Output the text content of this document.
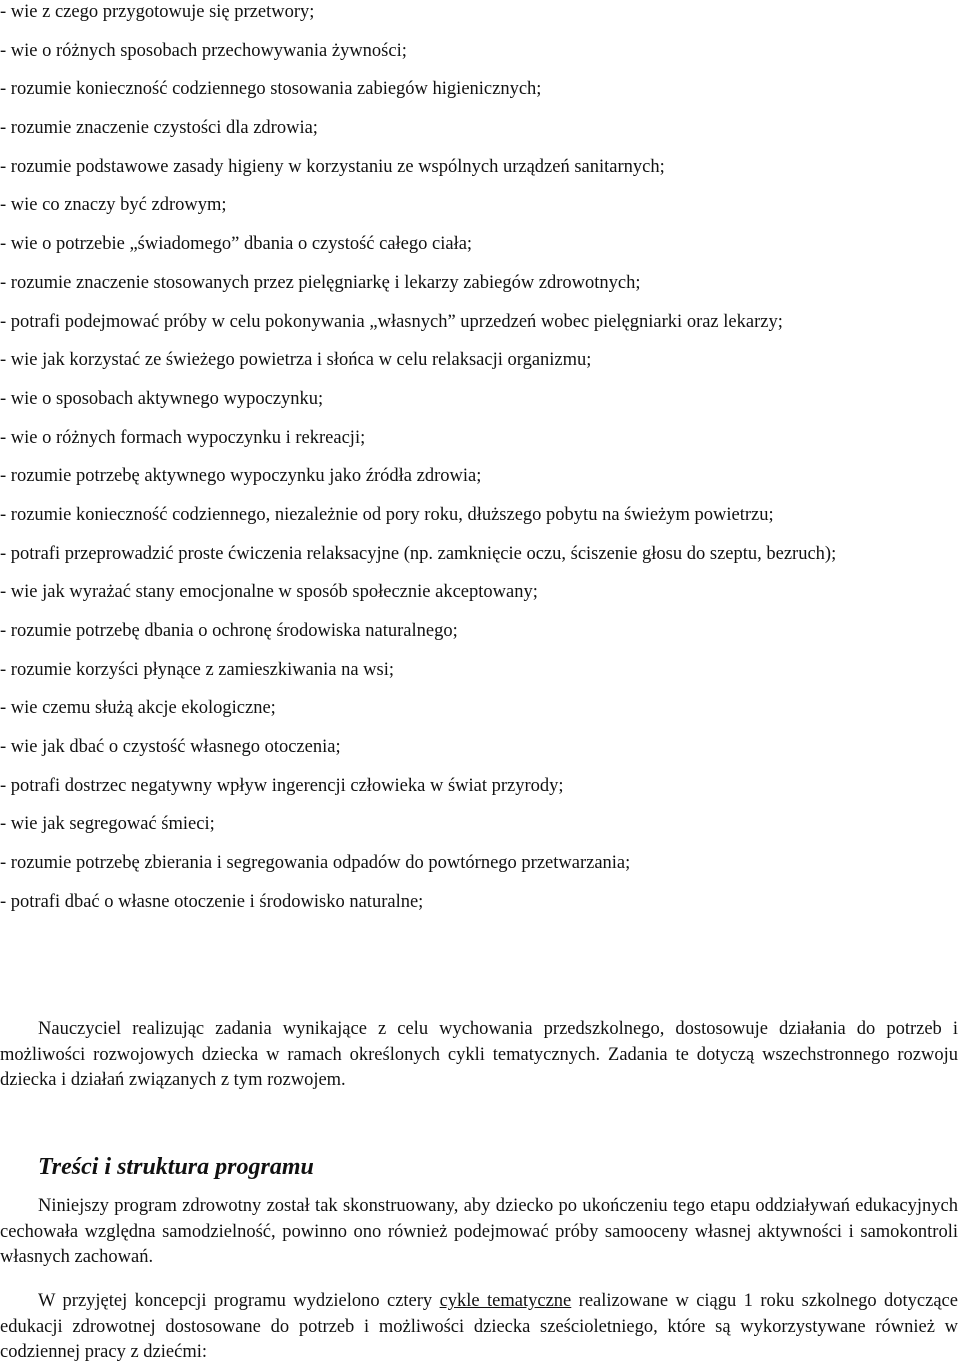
- wie z czego przygotowuje się przetwory;
- wie o różnych sposobach przechowywania żywności;
- rozumie konieczność codziennego stosowania zabiegów higienicznych;
- rozumie znaczenie czystości dla zdrowia;
- rozumie podstawowe zasady higieny w korzystaniu ze wspólnych urządzeń sanitarnych;
- wie co znaczy być zdrowym;
- wie o potrzebie „świadomego” dbania o czystość całego ciała;
- rozumie znaczenie stosowanych przez pielęgniarkę i lekarzy zabiegów zdrowotnych;
- potrafi podejmować próby w celu pokonywania „własnych” uprzedzeń wobec pielęgniarki oraz lekarzy;
- wie jak korzystać ze świeżego powietrza i słońca w celu relaksacji organizmu;
- wie o sposobach aktywnego wypoczynku;
- wie o różnych formach wypoczynku i rekreacji;
- rozumie potrzebę aktywnego wypoczynku jako źródła zdrowia;
- rozumie konieczność codziennego, niezależnie od pory roku, dłuższego pobytu na świeżym powietrzu;
- potrafi przeprowadzić proste ćwiczenia relaksacyjne (np. zamknięcie oczu, ściszenie głosu do szeptu, bezruch);
- wie jak wyrażać stany emocjonalne w sposób społecznie akceptowany;
- rozumie potrzebę dbania o ochronę środowiska naturalnego;
- rozumie korzyści płynące z zamieszkiwania na wsi;
- wie czemu służą akcje ekologiczne;
- wie jak dbać o czystość własnego otoczenia;
- potrafi dostrzec negatywny wpływ ingerencji człowieka w świat przyrody;
- wie jak segregować śmieci;
- rozumie potrzebę zbierania i segregowania odpadów do powtórnego przetwarzania;
- potrafi dbać o własne otoczenie i środowisko naturalne;

Nauczyciel realizując zadania wynikające z celu wychowania przedszkolnego, dostosowuje działania do potrzeb i możliwości rozwojowych dziecka w ramach określonych cykli tematycznych. Zadania te dotyczą wszechstronnego rozwoju dziecka i działań związanych z tym rozwojem.

Treści i struktura programu

Niniejszy program zdrowotny został tak skonstruowany, aby dziecko po ukończeniu tego etapu oddziaływań edukacyjnych cechowała względna samodzielność, powinno ono również podejmować próby samooceny własnej aktywności i samokontroli własnych zachowań.

W przyjętej koncepcji programu wydzielono cztery cykle tematyczne realizowane w ciągu 1 roku szkolnego dotyczące edukacji zdrowotnej dostosowane do potrzeb i możliwości dziecka sześcioletniego, które są wykorzystywane również w codziennej pracy z dziećmi:
